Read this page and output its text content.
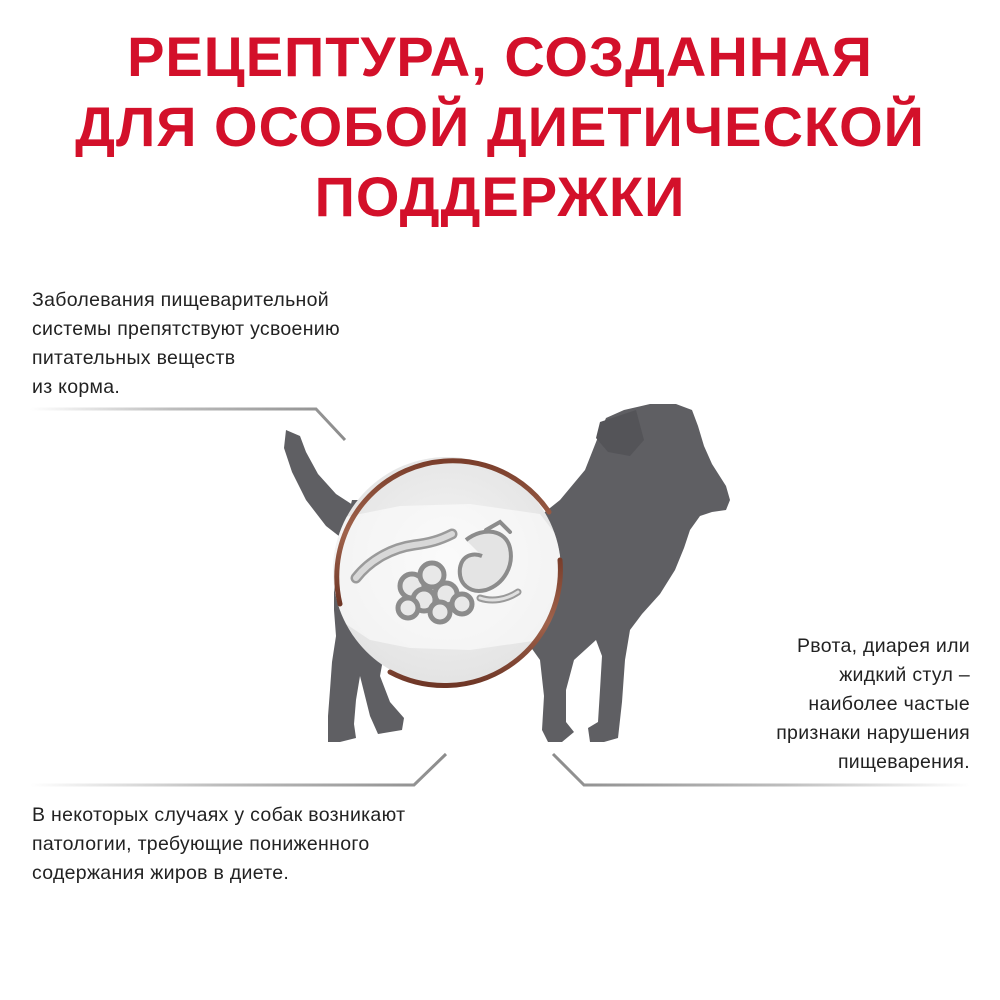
РЕЦЕПТУРА, СОЗДАННАЯ
ДЛЯ ОСОБОЙ ДИЕТИЧЕСКОЙ
ПОДДЕРЖКИ
Заболевания пищеварительной
системы препятствуют усвоению
питательных веществ
из корма.
Рвота, диарея или
жидкий стул –
наиболее частые
признаки нарушения
пищеварения.
В некоторых случаях у собак возникают
патологии, требующие пониженного
содержания жиров в диете.
